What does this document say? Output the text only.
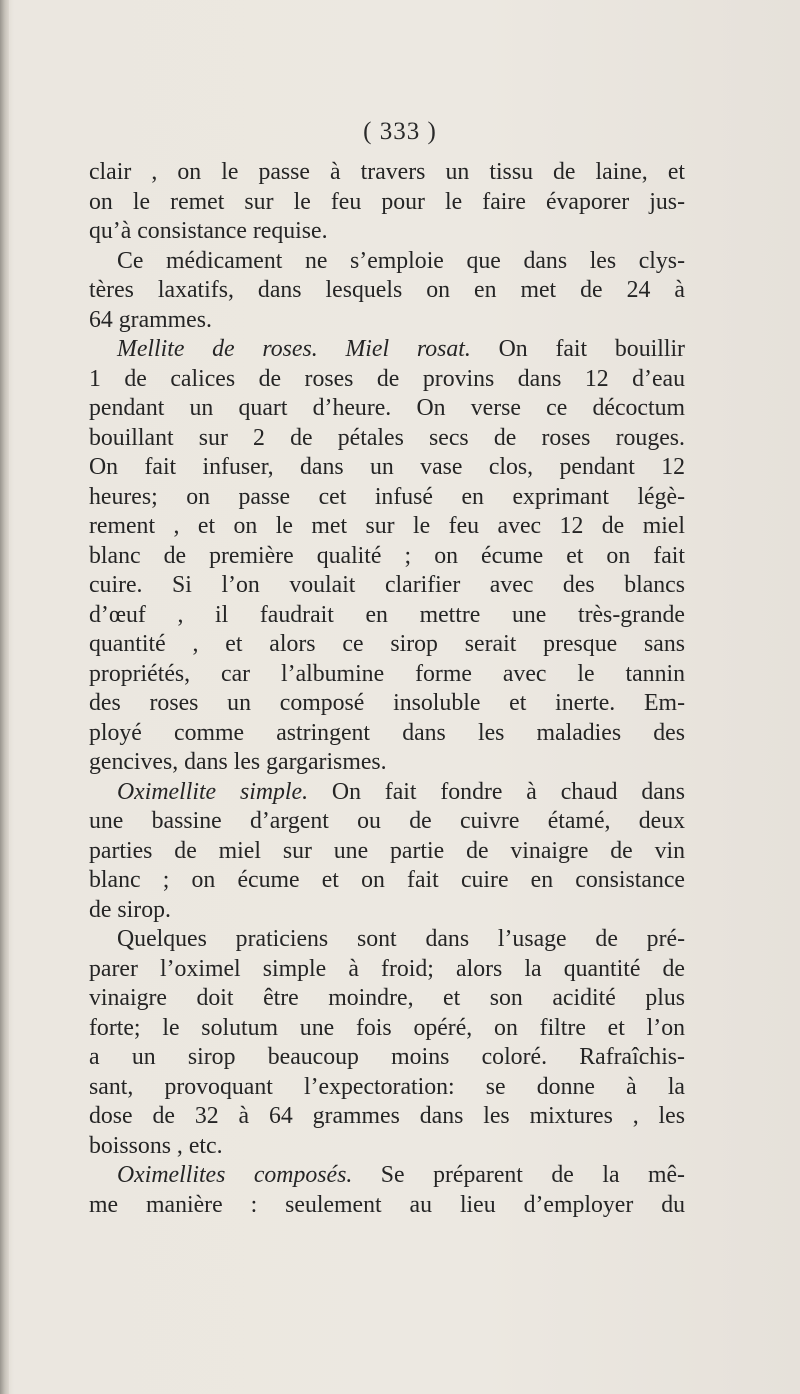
( 333 )
clair , on le passe à travers un tissu de laine, et
on le remet sur le feu pour le faire évaporer jus-
qu’à consistance requise.
Ce médicament ne s’emploie que dans les clys-
tères laxatifs, dans lesquels on en met de 24 à
64 grammes.
Mellite de roses. Miel rosat. On fait bouillir
1 de calices de roses de provins dans 12 d’eau
pendant un quart d’heure. On verse ce décoctum
bouillant sur 2 de pétales secs de roses rouges.
On fait infuser, dans un vase clos, pendant 12
heures; on passe cet infusé en exprimant légè-
rement , et on le met sur le feu avec 12 de miel
blanc de première qualité ; on écume et on fait
cuire. Si l’on voulait clarifier avec des blancs
d’œuf , il faudrait en mettre une très-grande
quantité , et alors ce sirop serait presque sans
propriétés, car l’albumine forme avec le tannin
des roses un composé insoluble et inerte. Em-
ployé comme astringent dans les maladies des
gencives, dans les gargarismes.
Oximellite simple. On fait fondre à chaud dans
une bassine d’argent ou de cuivre étamé, deux
parties de miel sur une partie de vinaigre de vin
blanc ; on écume et on fait cuire en consistance
de sirop.
Quelques praticiens sont dans l’usage de pré-
parer l’oximel simple à froid; alors la quantité de
vinaigre doit être moindre, et son acidité plus
forte; le solutum une fois opéré, on filtre et l’on
a un sirop beaucoup moins coloré. Rafraîchis-
sant, provoquant l’expectoration: se donne à la
dose de 32 à 64 grammes dans les mixtures , les
boissons , etc.
Oximellites composés. Se préparent de la mê-
me manière : seulement au lieu d’employer du
